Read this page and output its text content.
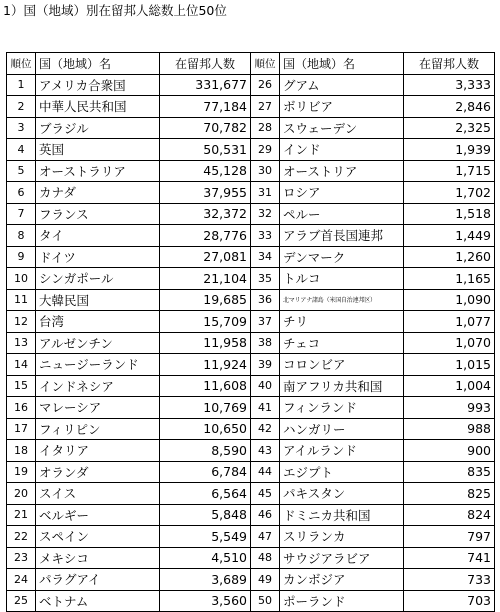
1）国（地域）別在留邦人総数上位50位
順位	国（地域）名	在留邦人数	順位	国（地域）名	在留邦人数
1	アメリカ合衆国	331,677	26	グアム	3,333
2	中華人民共和国	77,184	27	ボリビア	2,846
3	ブラジル	70,782	28	スウェーデン	2,325
4	英国	50,531	29	インド	1,939
5	オーストラリア	45,128	30	オーストリア	1,715
6	カナダ	37,955	31	ロシア	1,702
7	フランス	32,372	32	ペルー	1,518
8	タイ	28,776	33	アラブ首長国連邦	1,449
9	ドイツ	27,081	34	デンマーク	1,260
10	シンガポール	21,104	35	トルコ	1,165
11	大韓民国	19,685	36	北マリアナ諸島（米国自治連邦区）	1,090
12	台湾	15,709	37	チリ	1,077
13	アルゼンチン	11,958	38	チェコ	1,070
14	ニュージーランド	11,924	39	コロンビア	1,015
15	インドネシア	11,608	40	南アフリカ共和国	1,004
16	マレーシア	10,769	41	フィンランド	993
17	フィリピン	10,650	42	ハンガリー	988
18	イタリア	8,590	43	アイルランド	900
19	オランダ	6,784	44	エジプト	835
20	スイス	6,564	45	パキスタン	825
21	ベルギー	5,848	46	ドミニカ共和国	824
22	スペイン	5,549	47	スリランカ	797
23	メキシコ	4,510	48	サウジアラビア	741
24	パラグアイ	3,689	49	カンボジア	733
25	ベトナム	3,560	50	ポーランド	703
